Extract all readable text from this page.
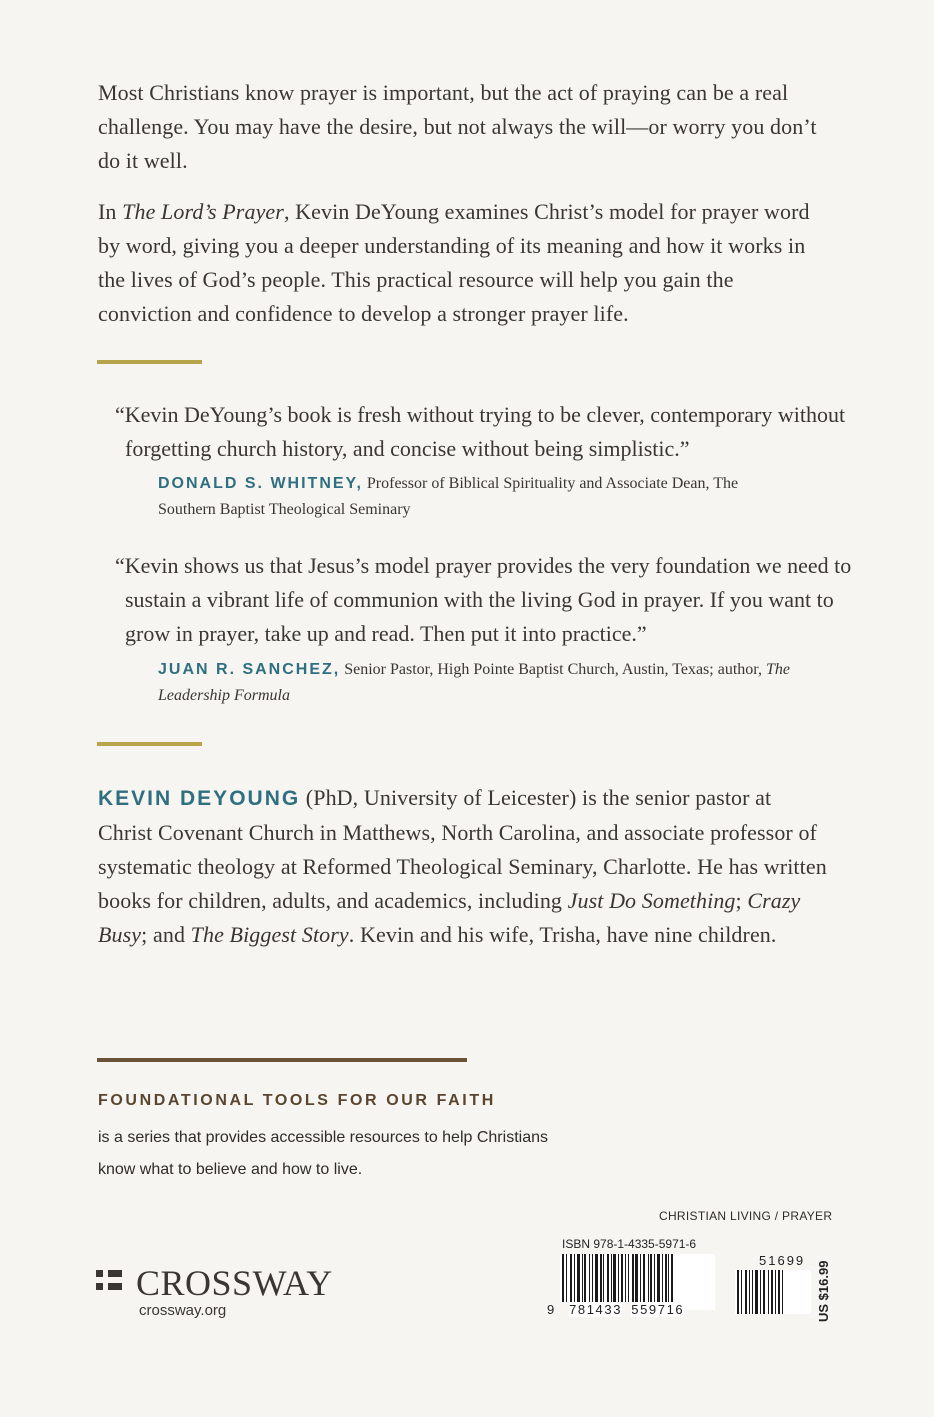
Most Christians know prayer is important, but the act of praying can be a real challenge. You may have the desire, but not always the will—or worry you don’t do it well.
In The Lord’s Prayer, Kevin DeYoung examines Christ’s model for prayer word by word, giving you a deeper understanding of its meaning and how it works in the lives of God’s people. This practical resource will help you gain the conviction and confidence to develop a stronger prayer life.
“Kevin DeYoung’s book is fresh without trying to be clever, contemporary without forgetting church history, and concise without being simplistic.”
DONALD S. WHITNEY, Professor of Biblical Spirituality and Associate Dean, The Southern Baptist Theological Seminary
“Kevin shows us that Jesus’s model prayer provides the very foundation we need to sustain a vibrant life of communion with the living God in prayer. If you want to grow in prayer, take up and read. Then put it into practice.”
JUAN R. SANCHEZ, Senior Pastor, High Pointe Baptist Church, Austin, Texas; author, The Leadership Formula
KEVIN DEYOUNG (PhD, University of Leicester) is the senior pastor at Christ Covenant Church in Matthews, North Carolina, and associate professor of systematic theology at Reformed Theological Seminary, Charlotte. He has written books for children, adults, and academics, including Just Do Something; Crazy Busy; and The Biggest Story. Kevin and his wife, Trisha, have nine children.
FOUNDATIONAL TOOLS FOR OUR FAITH
is a series that provides accessible resources to help Christians know what to believe and how to live.
CHRISTIAN LIVING / PRAYER
CROSSWAY
crossway.org
ISBN 978-1-4335-5971-6

9 781433 559716
51699

US $16.99
